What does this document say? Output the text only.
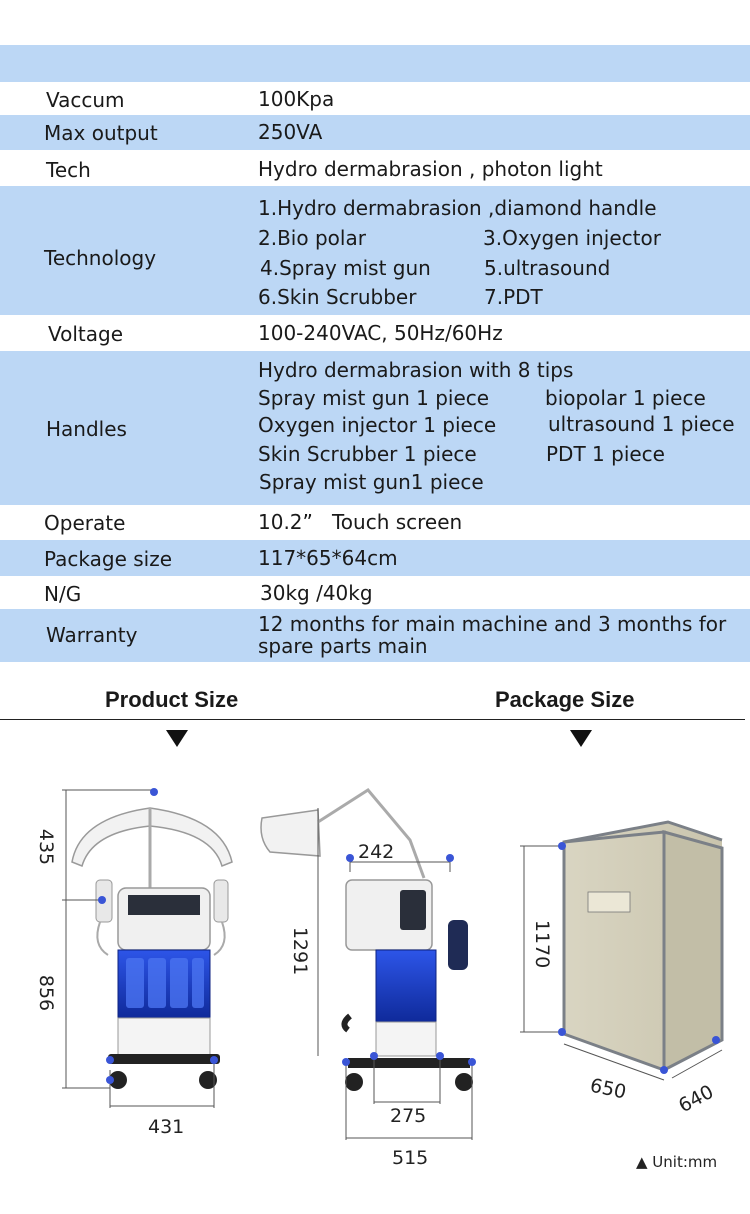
Vaccum	100Kpa
Max output	250VA
Tech	Hydro dermabrasion , photon light
Technology
1.Hydro dermabrasion ,diamond handle
2.Bio polar	3.Oxygen injector
4.Spray mist gun	5.ultrasound
6.Skin Scrubber	7.PDT
Voltage	100-240VAC, 50Hz/60Hz
Handles
Hydro dermabrasion with 8 tips
Spray mist gun 1 piece	biopolar 1 piece
Oxygen injector 1 piece	ultrasound 1 piece
Skin Scrubber 1 piece	PDT 1 piece
Spray mist gun1 piece
Operate	10.2”   Touch screen
Package size	117*65*64cm
N/G	30kg /40kg
Warranty	12 months for main machine and 3 months for
spare parts main
Product Size	Package Size
435
856
431
242
1291
275
515
1170
650 640
▲ Unit:mm
